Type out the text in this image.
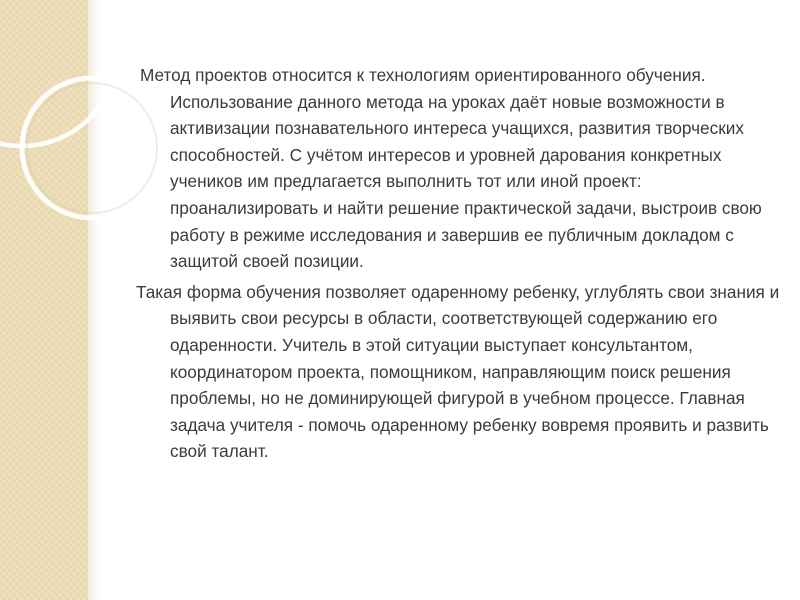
Метод проектов относится к технологиям ориентированного обучения. Использование данного метода на уроках даёт новые возможности в активизации познавательного интереса учащихся, развития творческих способностей. С учётом интересов и уровней дарования конкретных учеников им предлагается выполнить тот или иной проект: проанализировать и найти решение практической задачи, выстроив свою работу в режиме исследования и завершив ее публичным докладом с защитой своей позиции.

Такая форма обучения позволяет одаренному ребенку, углублять свои знания и выявить свои ресурсы в области, соответствующей содержанию его одаренности. Учитель в этой ситуации выступает консультантом, координатором проекта, помощником, направляющим поиск решения проблемы, но не доминирующей фигурой в учебном процессе. Главная задача учителя - помочь одаренному ребенку вовремя проявить и развить свой талант.
